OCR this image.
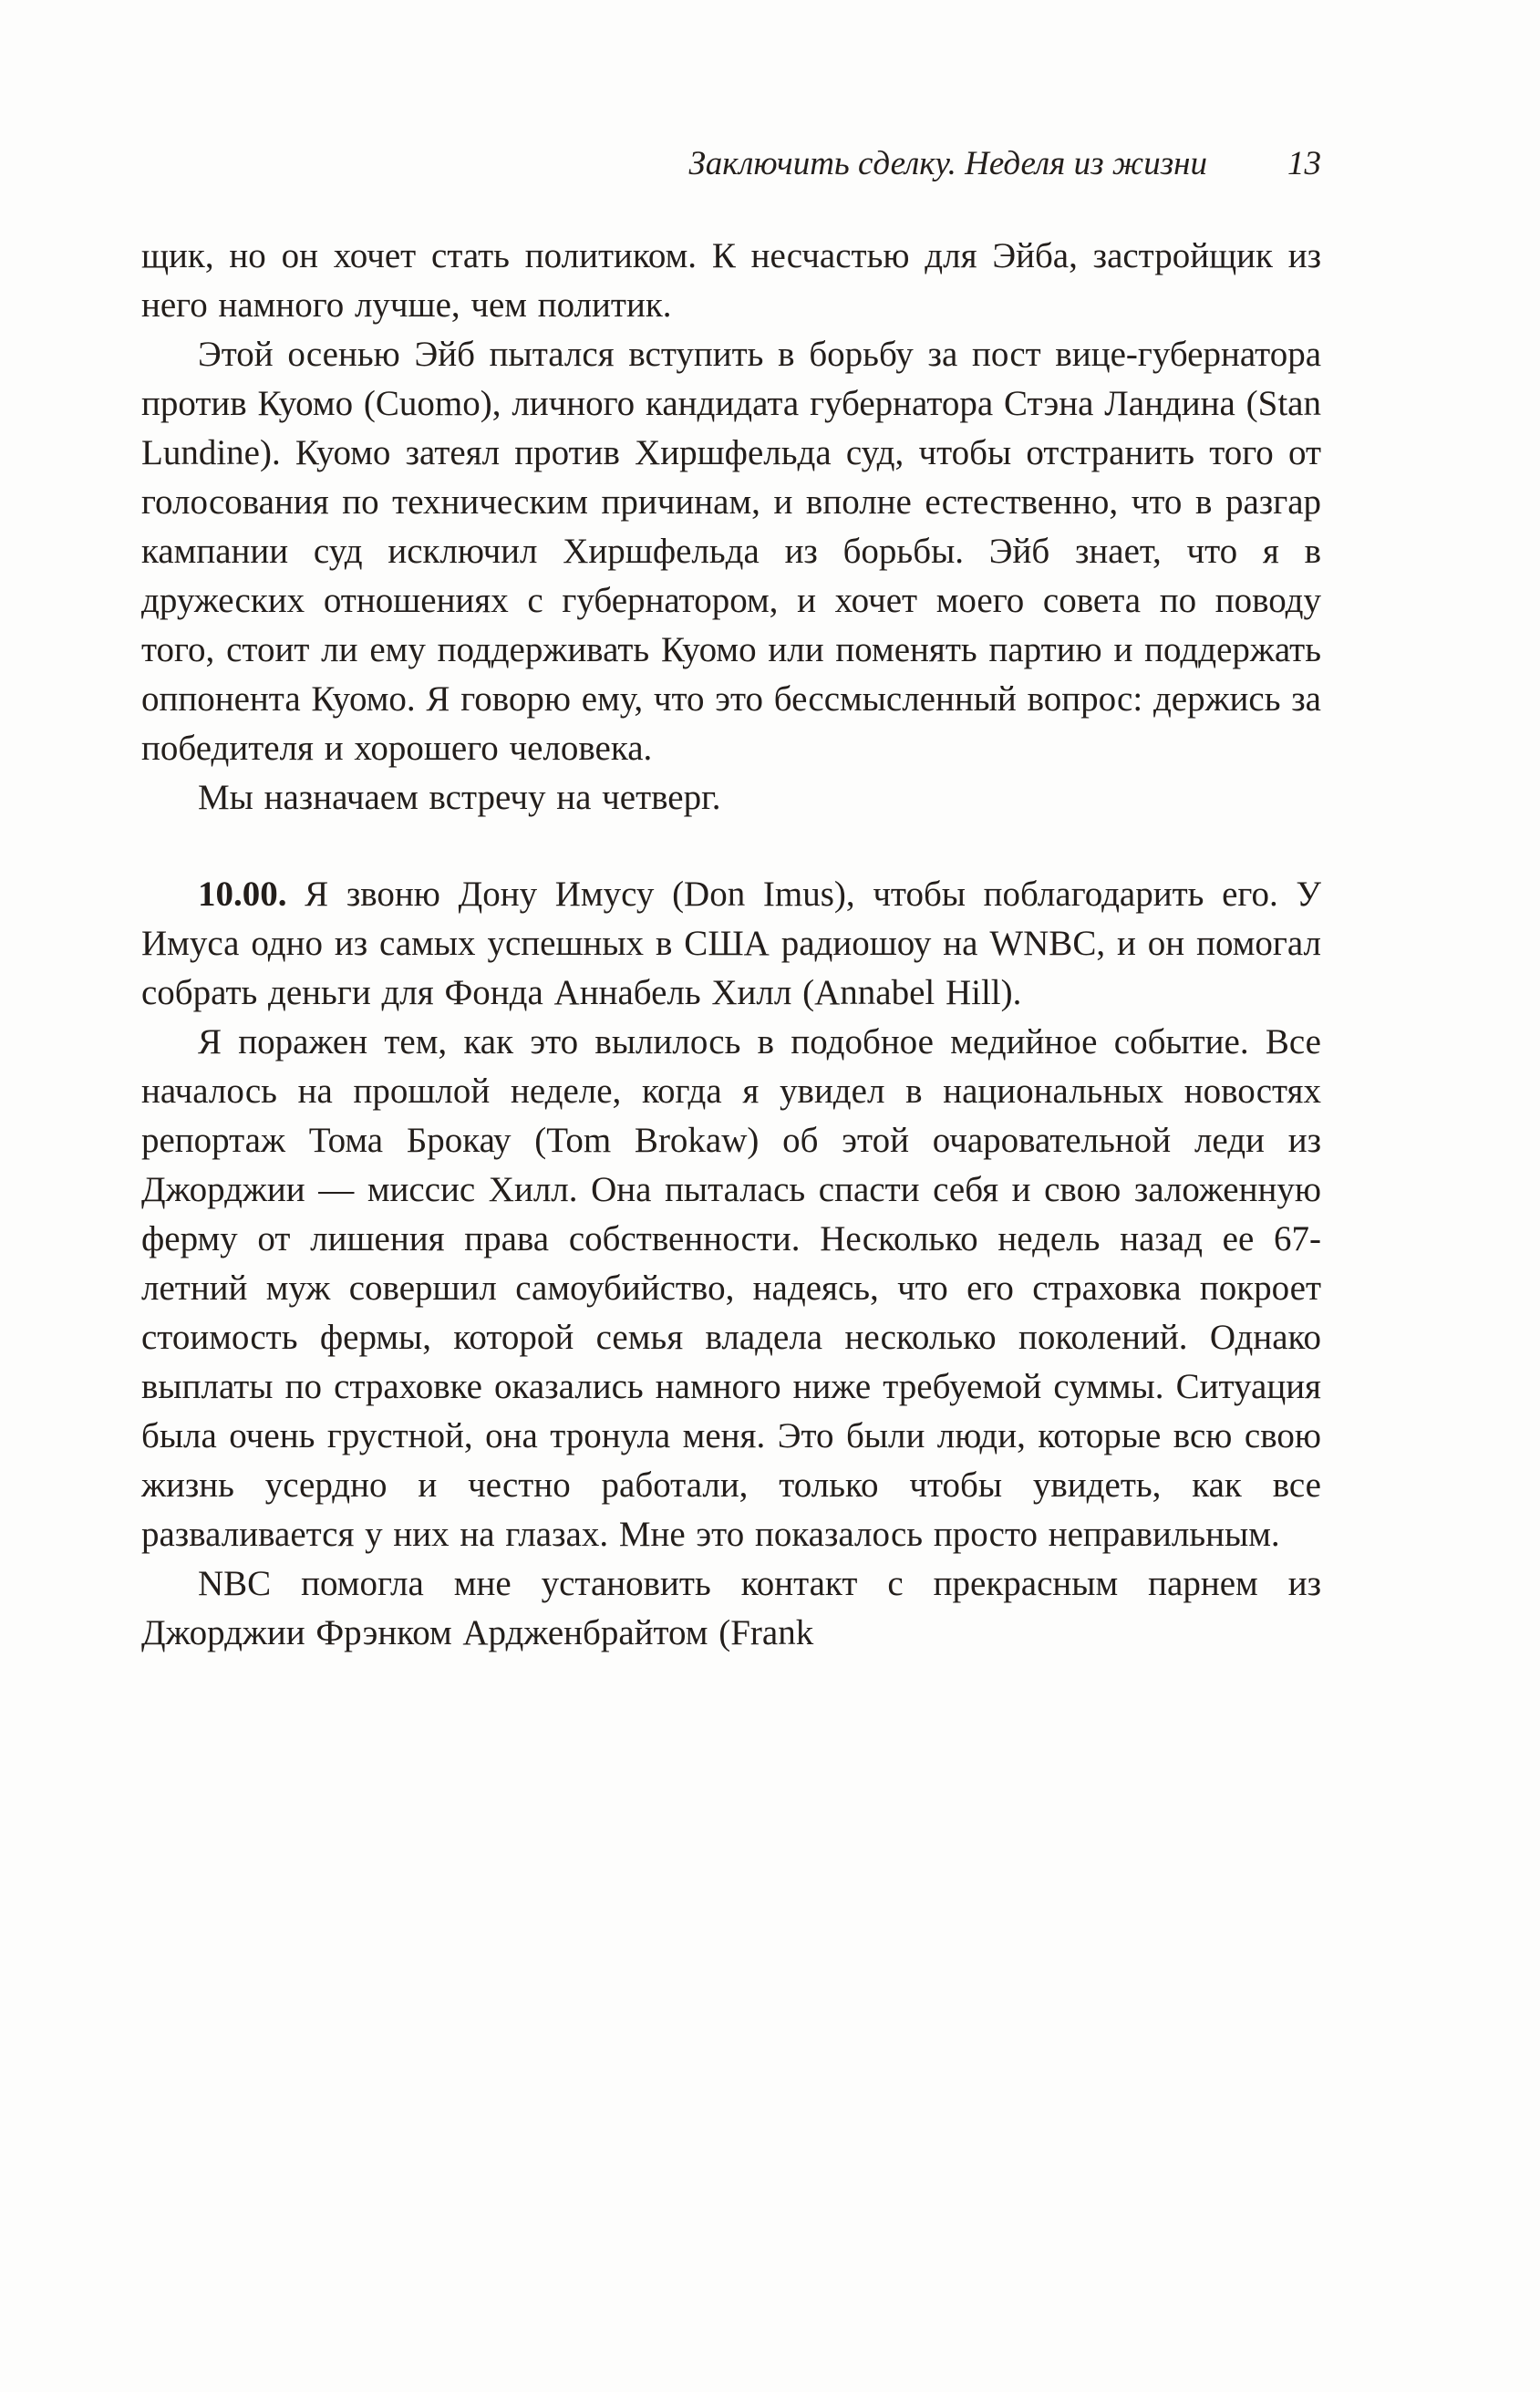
Заключить сделку. Неделя из жизни 13

щик, но он хочет стать политиком. К несчастью для Эйба, застройщик из него намного лучше, чем политик.

Этой осенью Эйб пытался вступить в борьбу за пост вице-губернатора против Куомо (Cuomo), личного кандидата губернатора Стэна Ландина (Stan Lundine). Куомо затеял против Хиршфельда суд, чтобы отстранить того от голосования по техническим причинам, и вполне естественно, что в разгар кампании суд исключил Хиршфельда из борьбы. Эйб знает, что я в дружеских отношениях с губернатором, и хочет моего совета по поводу того, стоит ли ему поддерживать Куомо или поменять партию и поддержать оппонента Куомо. Я говорю ему, что это бессмысленный вопрос: держись за победителя и хорошего человека.

Мы назначаем встречу на четверг.

10.00. Я звоню Дону Имусу (Don Imus), чтобы поблагодарить его. У Имуса одно из самых успешных в США радиошоу на WNBC, и он помогал собрать деньги для Фонда Аннабель Хилл (Annabel Hill).

Я поражен тем, как это вылилось в подобное медийное событие. Все началось на прошлой неделе, когда я увидел в национальных новостях репортаж Тома Брокау (Tom Brokaw) об этой очаровательной леди из Джорджии — миссис Хилл. Она пыталась спасти себя и свою заложенную ферму от лишения права собственности. Несколько недель назад ее 67-летний муж совершил самоубийство, надеясь, что его страховка покроет стоимость фермы, которой семья владела несколько поколений. Однако выплаты по страховке оказались намного ниже требуемой суммы. Ситуация была очень грустной, она тронула меня. Это были люди, которые всю свою жизнь усердно и честно работали, только чтобы увидеть, как все разваливается у них на глазах. Мне это показалось просто неправильным.

NBC помогла мне установить контакт с прекрасным парнем из Джорджии Фрэнком Ардженбрайтом (Frank
